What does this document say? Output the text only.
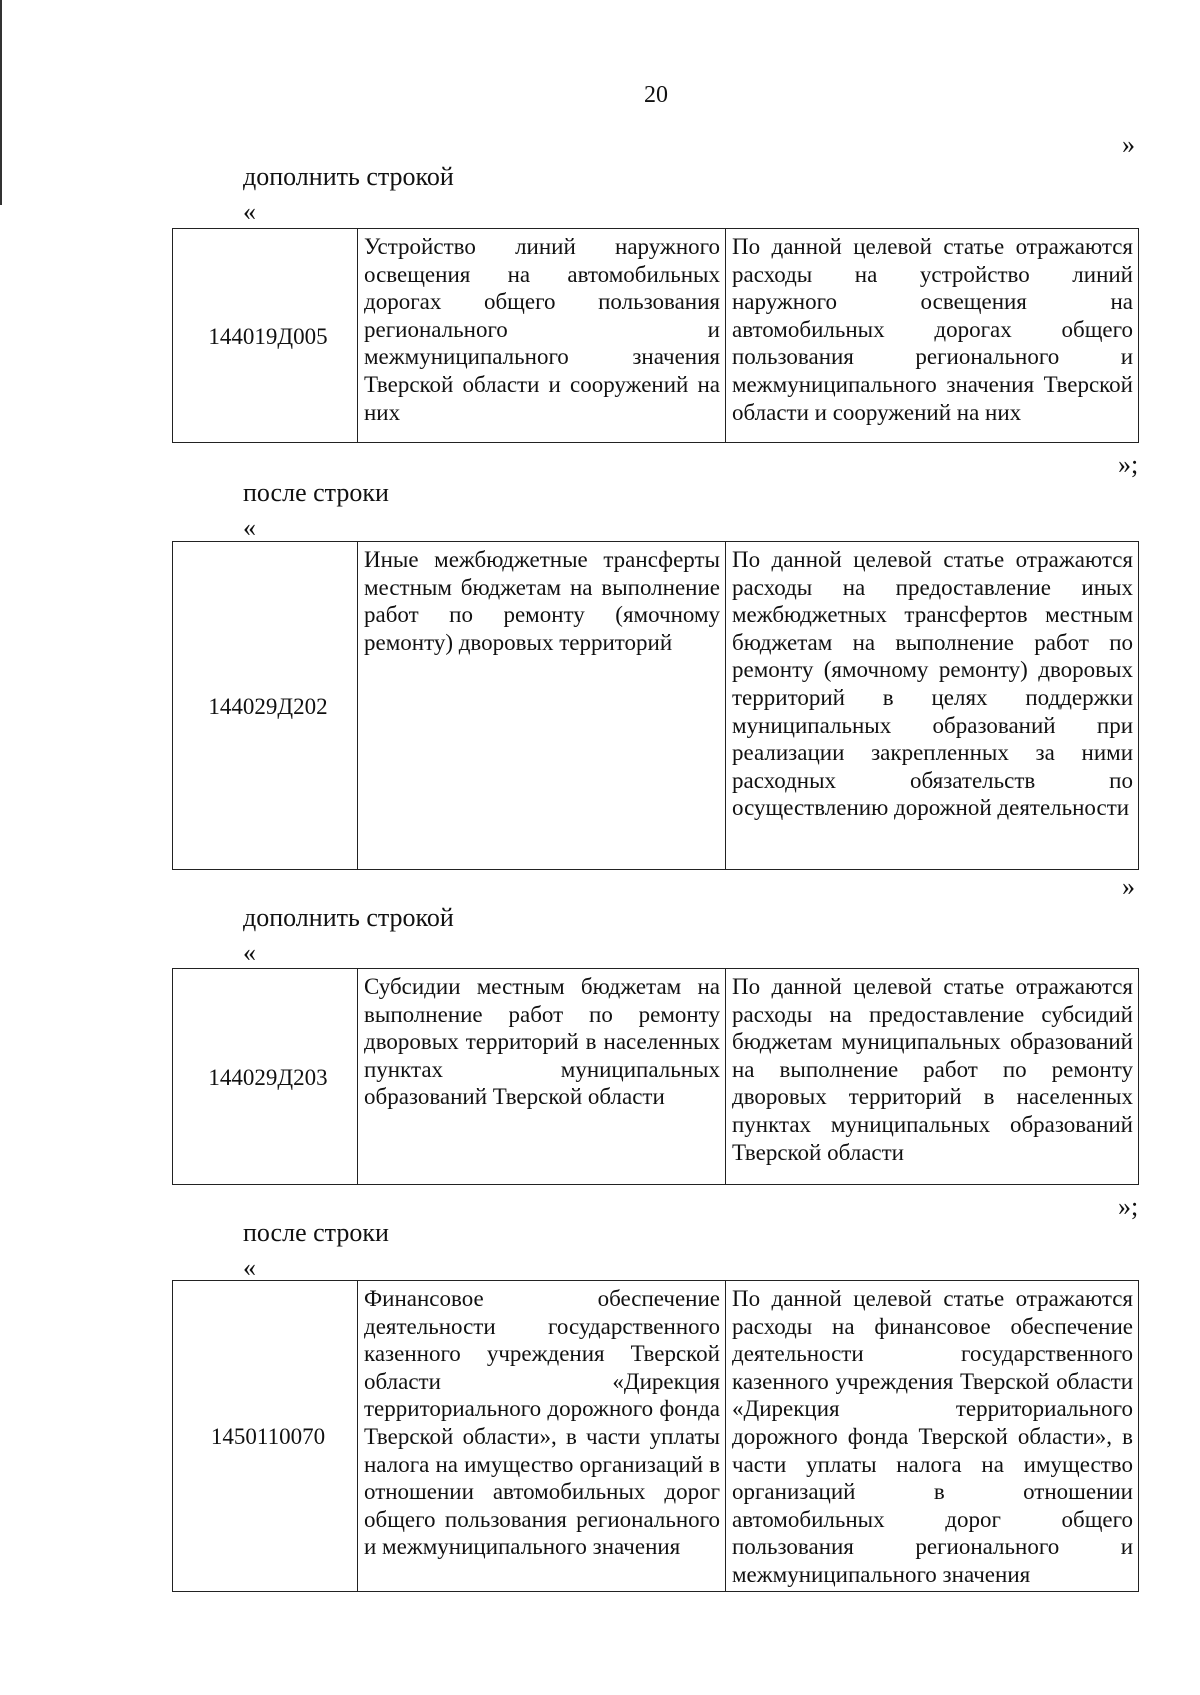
20
»
дополнить строкой
«
144019Д005	Устройство линий наружного освещения на автомобильных дорогах общего пользования регионального и межмуниципального значения Тверской области и сооружений на них	По данной целевой статье отражаются расходы на устройство линий наружного освещения на автомобильных дорогах общего пользования регионального и межмуниципального значения Тверской области и сооружений на них
»;
после строки
«
144029Д202	Иные межбюджетные трансферты местным бюджетам на выполнение работ по ремонту (ямочному ремонту) дворовых территорий	По данной целевой статье отражаются расходы на предоставление иных межбюджетных трансфертов местным бюджетам на выполнение работ по ремонту (ямочному ремонту) дворовых территорий в целях поддержки муниципальных образований при реализации закрепленных за ними расходных обязательств по осуществлению дорожной деятельности
»
дополнить строкой
«
144029Д203	Субсидии местным бюджетам на выполнение работ по ремонту дворовых территорий в населенных пунктах муниципальных образований Тверской области	По данной целевой статье отражаются расходы на предоставление субсидий бюджетам муниципальных образований на выполнение работ по ремонту дворовых территорий в населенных пунктах муниципальных образований Тверской области
»;
после строки
«
1450110070	Финансовое обеспечение деятельности государственного казенного учреждения Тверской области «Дирекция территориального дорожного фонда Тверской области», в части уплаты налога на имущество организаций в отношении автомобильных дорог общего пользования регионального и межмуниципального значения	По данной целевой статье отражаются расходы на финансовое обеспечение деятельности государственного казенного учреждения Тверской области «Дирекция территориального дорожного фонда Тверской области», в части уплаты налога на имущество организаций в отношении автомобильных дорог общего пользования регионального и межмуниципального значения
